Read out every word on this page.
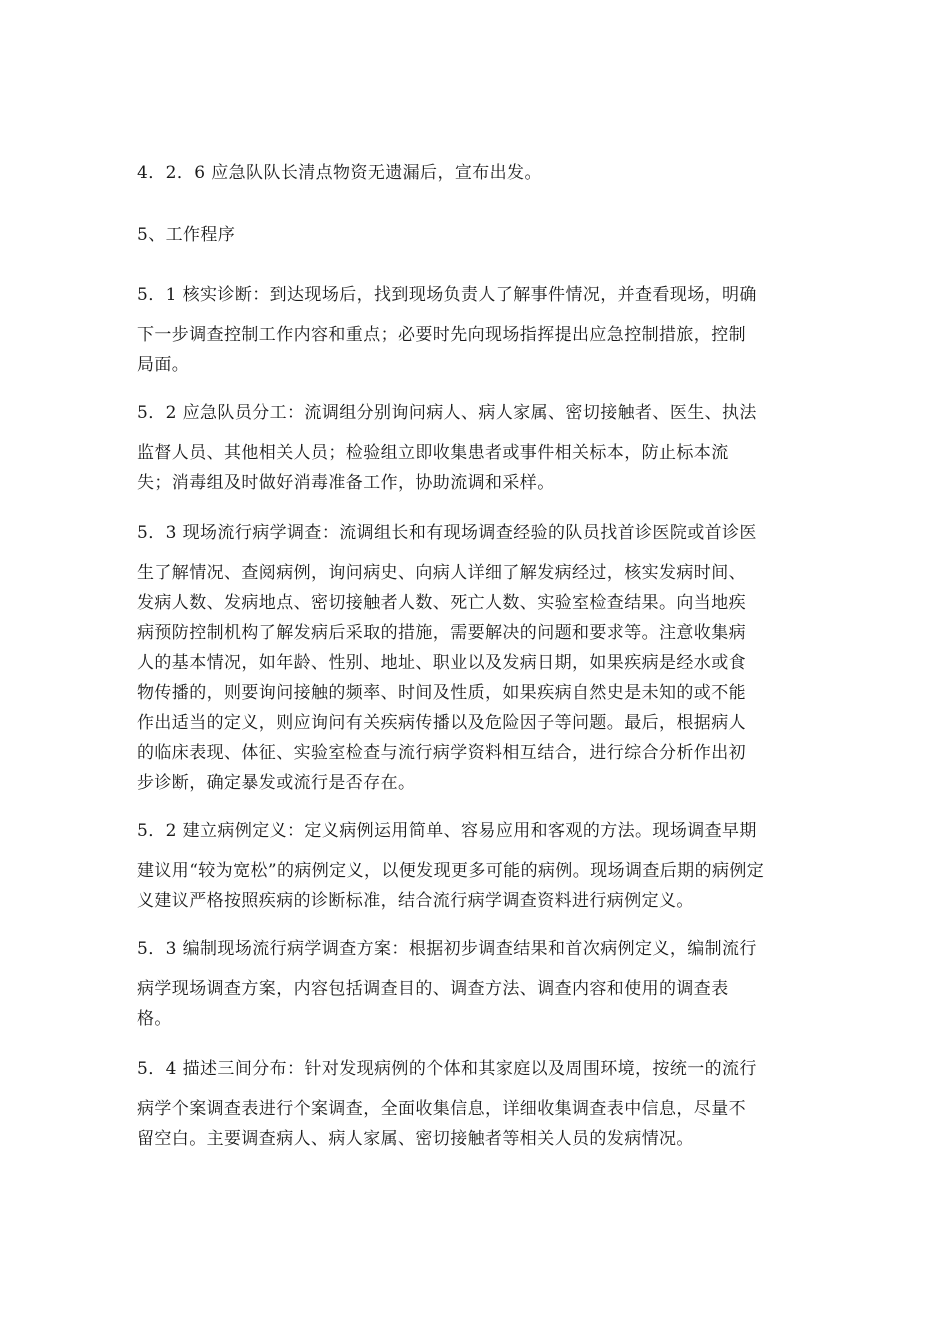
4．2．6 应急队队长清点物资无遗漏后，宣布出发。

5、工作程序

5．1 核实诊断：到达现场后，找到现场负责人了解事件情况，并查看现场，明确
下一步调查控制工作内容和重点；必要时先向现场指挥提出应急控制措旅，控制
局面。

5．2 应急队员分工：流调组分别询问病人、病人家属、密切接触者、医生、执法
监督人员、其他相关人员；检验组立即收集患者或事件相关标本，防止标本流
失；消毒组及时做好消毒准备工作，协助流调和采样。

5．3 现场流行病学调查：流调组长和有现场调查经验的队员找首诊医院或首诊医
生了解情况、查阅病例，询问病史、向病人详细了解发病经过，核实发病时间、
发病人数、发病地点、密切接触者人数、死亡人数、实验室检查结果。向当地疾
病预防控制机构了解发病后采取的措施，需要解决的问题和要求等。注意收集病
人的基本情况，如年龄、性别、地址、职业以及发病日期，如果疾病是经水或食
物传播的，则要询问接触的频率、时间及性质，如果疾病自然史是未知的或不能
作出适当的定义，则应询问有关疾病传播以及危险因子等问题。最后，根据病人
的临床表现、体征、实验室检查与流行病学资料相互结合，进行综合分析作出初
步诊断，确定暴发或流行是否存在。

5．2 建立病例定义：定义病例运用简单、容易应用和客观的方法。现场调查早期
建议用“较为宽松”的病例定义，以便发现更多可能的病例。现场调查后期的病例定
义建议严格按照疾病的诊断标准，结合流行病学调查资料进行病例定义。

5．3 编制现场流行病学调查方案：根据初步调查结果和首次病例定义，编制流行
病学现场调查方案，内容包括调查目的、调查方法、调查内容和使用的调查表
格。

5．4 描述三间分布：针对发现病例的个体和其家庭以及周围环境，按统一的流行
病学个案调查表进行个案调查，全面收集信息，详细收集调查表中信息，尽量不
留空白。主要调查病人、病人家属、密切接触者等相关人员的发病情况。
